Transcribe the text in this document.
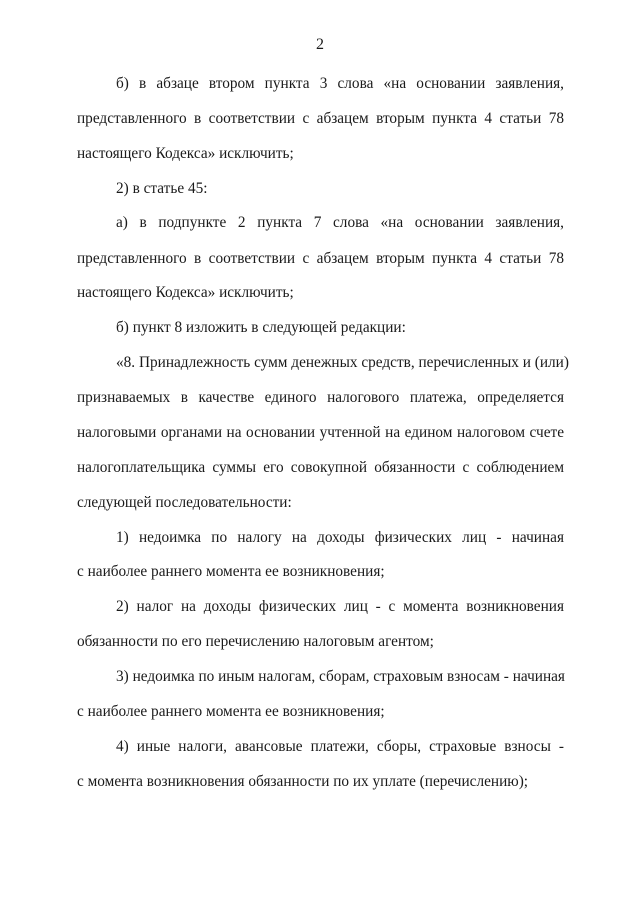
2
б) в абзаце втором пункта 3 слова «на основании заявления,
представленного в соответствии с абзацем вторым пункта 4 статьи 78
настоящего Кодекса» исключить;
2) в статье 45:
а) в подпункте 2 пункта 7 слова «на основании заявления,
представленного в соответствии с абзацем вторым пункта 4 статьи 78
настоящего Кодекса» исключить;
б) пункт 8 изложить в следующей редакции:
«8. Принадлежность сумм денежных средств, перечисленных и (или)
признаваемых в качестве единого налогового платежа, определяется
налоговыми органами на основании учтенной на едином налоговом счете
налогоплательщика суммы его совокупной обязанности с соблюдением
следующей последовательности:
1) недоимка по налогу на доходы физических лиц - начиная
с наиболее раннего момента ее возникновения;
2) налог на доходы физических лиц - с момента возникновения
обязанности по его перечислению налоговым агентом;
3) недоимка по иным налогам, сборам, страховым взносам - начиная
с наиболее раннего момента ее возникновения;
4) иные налоги, авансовые платежи, сборы, страховые взносы -
с момента возникновения обязанности по их уплате (перечислению);
